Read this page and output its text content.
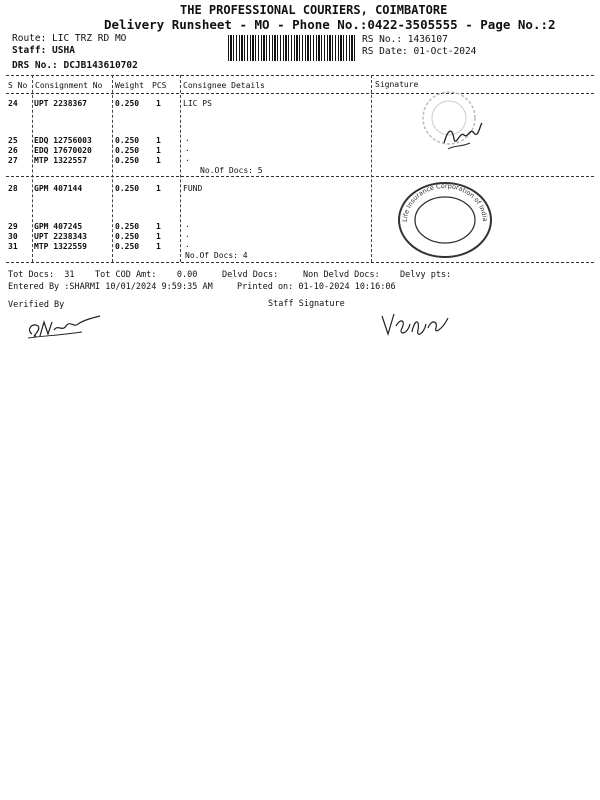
THE PROFESSIONAL COURIERS, COIMBATORE
Delivery Runsheet - MO - Phone No.:0422-3505555 - Page No.:2
Route: LIC TRZ RD MO
Staff: USHA
DRS No.: DCJB143610702
RS No.: 1436107
RS Date: 01-Oct-2024
S No Consignment No Weight PCS Consignee Details	Signature
24 UPT 2238367	0.250 1	LIC PS
25 EDQ 12756003	0.250 1	.
26 EDQ 17670020	0.250 1	.
27 MTP 1322557	0.250 1	.
No.Of Docs: 5
28 GPM 407144	0.250 1	FUND
29 GPM 407245	0.250 1	.
30 UPT 2238343	0.250 1	.
31 MTP 1322559	0.250 1	.
No.Of Docs: 4
Life Insurance Corporation of India
Tot Docs:  31 Tot COD Amt:    0.00	Delvd Docs:	Non Delvd Docs: Delvy pts:
Entered By :SHARMI 10/01/2024 9:59:35 AM	Printed on: 01-10-2024 10:16:06
Verified By	Staff Signature
